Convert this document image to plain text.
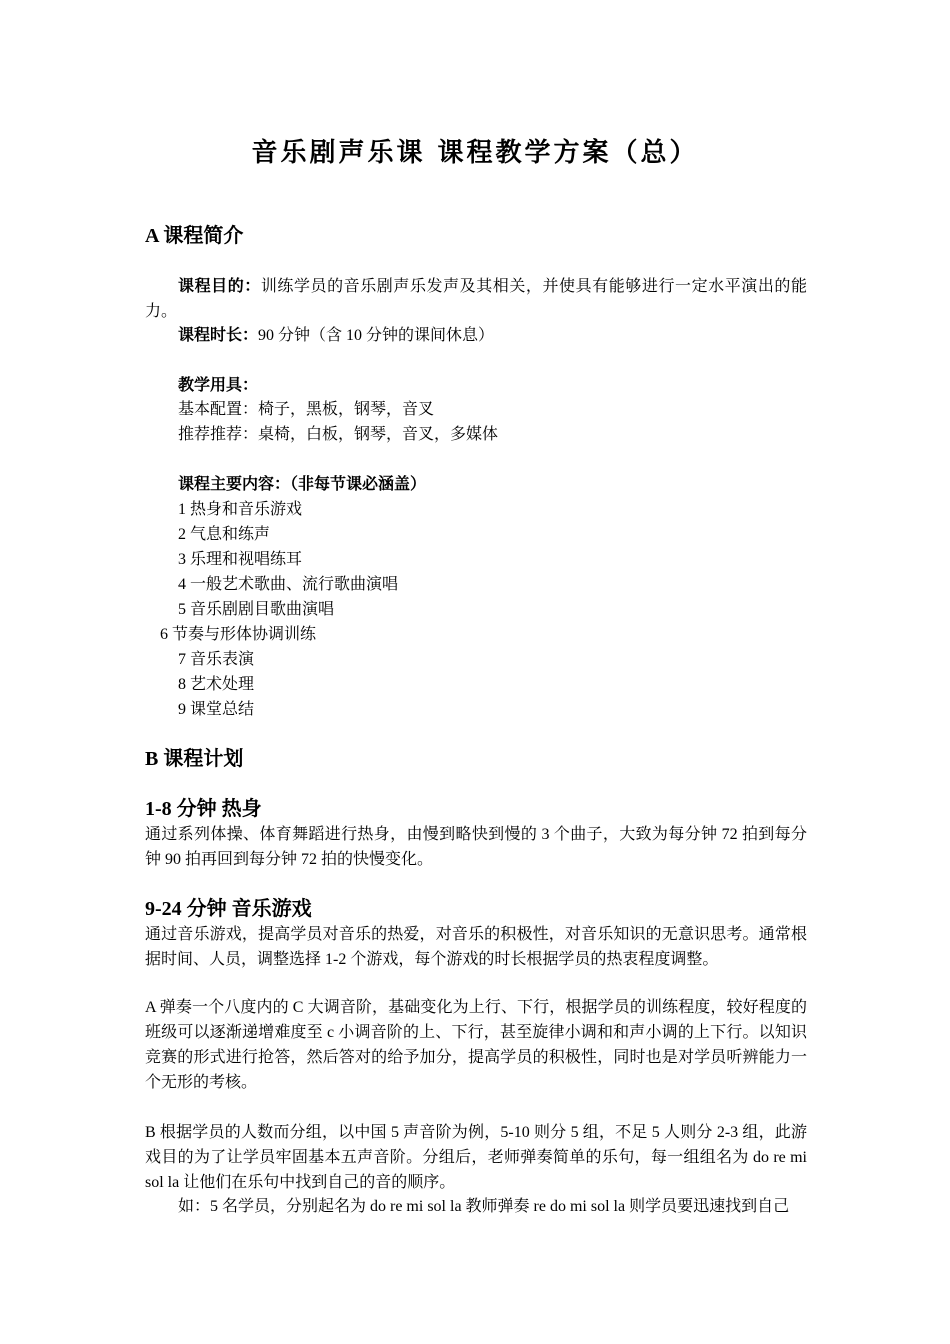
音乐剧声乐课 课程教学方案（总）
A 课程简介
课程目的：训练学员的音乐剧声乐发声及其相关，并使具有能够进行一定水平演出的能力。
课程时长：90 分钟（含 10 分钟的课间休息）
教学用具：
基本配置：椅子，黑板，钢琴，音叉
推荐推荐：桌椅，白板，钢琴，音叉，多媒体
课程主要内容：（非每节课必涵盖）
1 热身和音乐游戏
2 气息和练声
3 乐理和视唱练耳
4 一般艺术歌曲、流行歌曲演唱
5 音乐剧剧目歌曲演唱
6 节奏与形体协调训练
7 音乐表演
8 艺术处理
9 课堂总结
B 课程计划
1-8 分钟 热身
通过系列体操、体育舞蹈进行热身，由慢到略快到慢的 3 个曲子，大致为每分钟 72 拍到每分钟 90 拍再回到每分钟 72 拍的快慢变化。
9-24 分钟 音乐游戏
通过音乐游戏，提高学员对音乐的热爱，对音乐的积极性，对音乐知识的无意识思考。通常根据时间、人员，调整选择 1-2 个游戏，每个游戏的时长根据学员的热衷程度调整。
A 弹奏一个八度内的 C 大调音阶，基础变化为上行、下行，根据学员的训练程度，较好程度的班级可以逐渐递增难度至 c 小调音阶的上、下行，甚至旋律小调和和声小调的上下行。以知识竞赛的形式进行抢答，然后答对的给予加分，提高学员的积极性，同时也是对学员听辨能力一个无形的考核。
B 根据学员的人数而分组，以中国 5 声音阶为例，5-10 则分 5 组，不足 5 人则分 2-3 组，此游戏目的为了让学员牢固基本五声音阶。分组后，老师弹奏简单的乐句，每一组组名为 do re mi sol la 让他们在乐句中找到自己的音的顺序。
如：5 名学员，分别起名为 do re mi sol la 教师弹奏 re do mi sol la 则学员要迅速找到自己
